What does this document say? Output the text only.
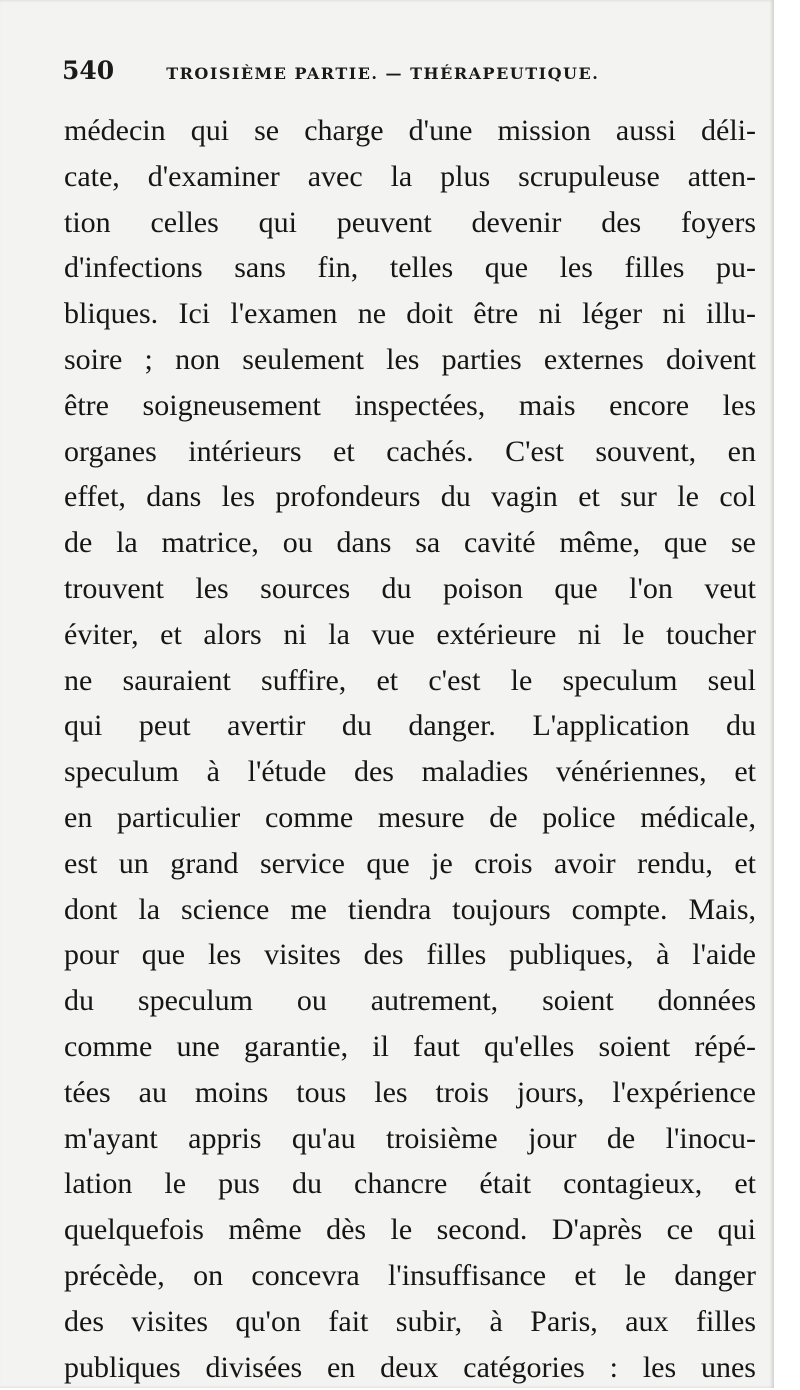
540	TROISIÈME PARTIE. — THÉRAPEUTIQUE.
médecin qui se charge d'une mission aussi déli-
cate, d'examiner avec la plus scrupuleuse atten-
tion celles qui peuvent devenir des foyers
d'infections sans fin, telles que les filles pu-
bliques. Ici l'examen ne doit être ni léger ni illu-
soire ; non seulement les parties externes doivent
être soigneusement inspectées, mais encore les
organes intérieurs et cachés. C'est souvent, en
effet, dans les profondeurs du vagin et sur le col
de la matrice, ou dans sa cavité même, que se
trouvent les sources du poison que l'on veut
éviter, et alors ni la vue extérieure ni le toucher
ne sauraient suffire, et c'est le speculum seul
qui peut avertir du danger. L'application du
speculum à l'étude des maladies vénériennes, et
en particulier comme mesure de police médicale,
est un grand service que je crois avoir rendu, et
dont la science me tiendra toujours compte. Mais,
pour que les visites des filles publiques, à l'aide
du speculum ou autrement, soient données
comme une garantie, il faut qu'elles soient répé-
tées au moins tous les trois jours, l'expérience
m'ayant appris qu'au troisième jour de l'inocu-
lation le pus du chancre était contagieux, et
quelquefois même dès le second. D'après ce qui
précède, on concevra l'insuffisance et le danger
des visites qu'on fait subir, à Paris, aux filles
publiques divisées en deux catégories : les unes
